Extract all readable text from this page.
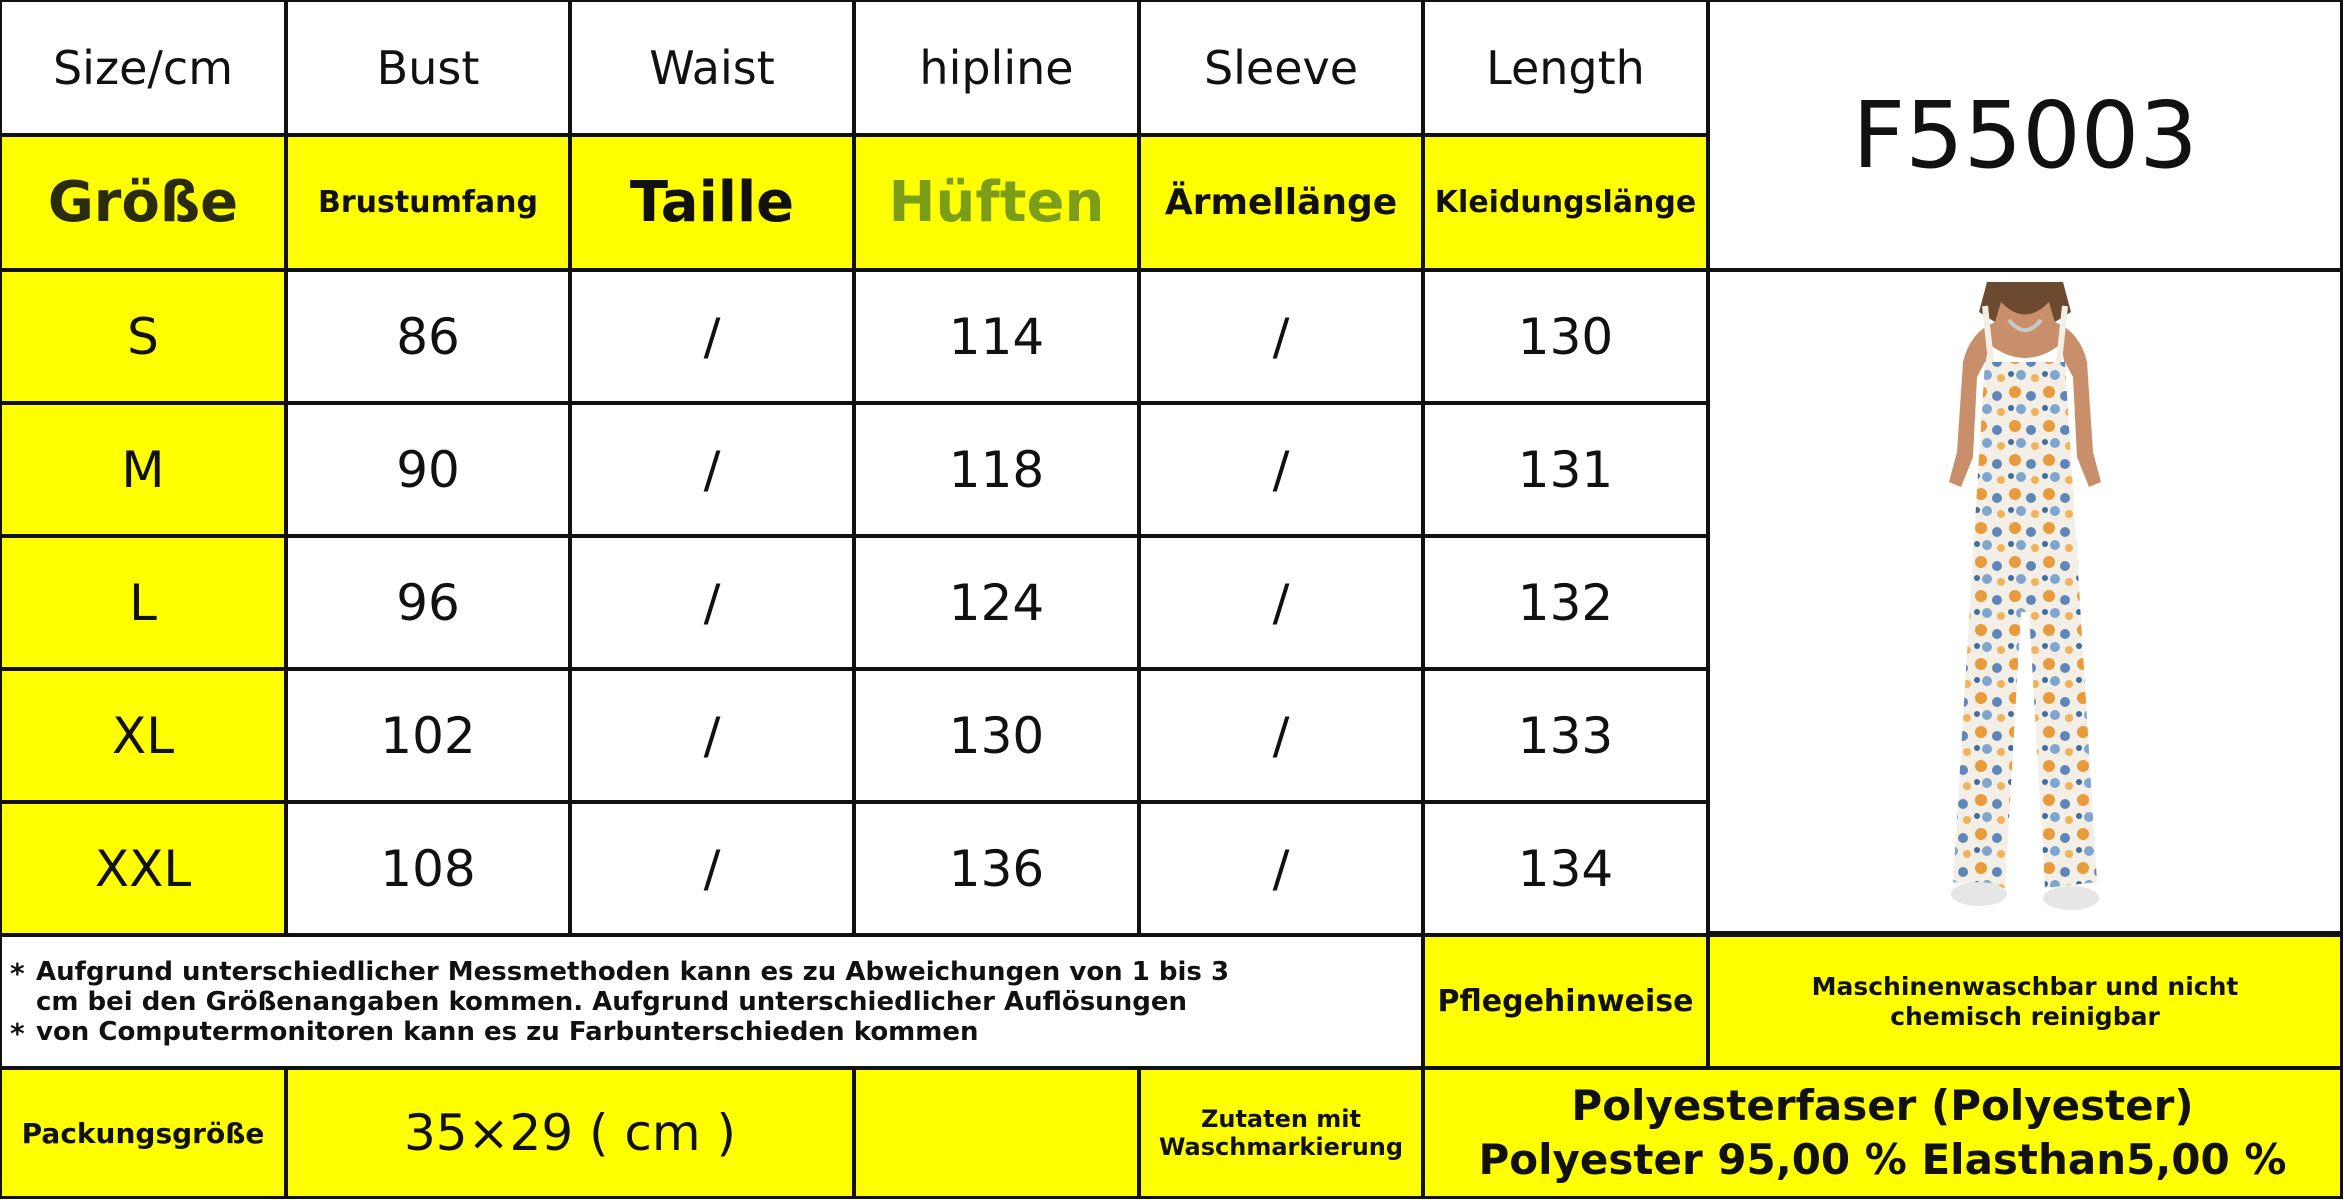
Size/cm	Bust	Waist	hipline	Sleeve	Length
F55003
Größe	Brustumfang	Taille	Hüften	Ärmellänge	Kleidungslänge
S	86	/	114	/	130
M	90	/	118	/	131
L	96	/	124	/	132
XL	102	/	130	/	133
XXL	108	/	136	/	134
*
*
Aufgrund unterschiedlicher Messmethoden kann es zu Abweichungen von 1 bis 3
cm bei den Größenangaben kommen. Aufgrund unterschiedlicher Auflösungen
von Computermonitoren kann es zu Farbunterschieden kommen
Pflegehinweise	Maschinenwaschbar und nicht
chemisch reinigbar
Packungsgröße	35×29 ( cm )	Zutaten mit
Waschmarkierung
Polyesterfaser (Polyester)
Polyester 95,00 % Elasthan5,00 %
